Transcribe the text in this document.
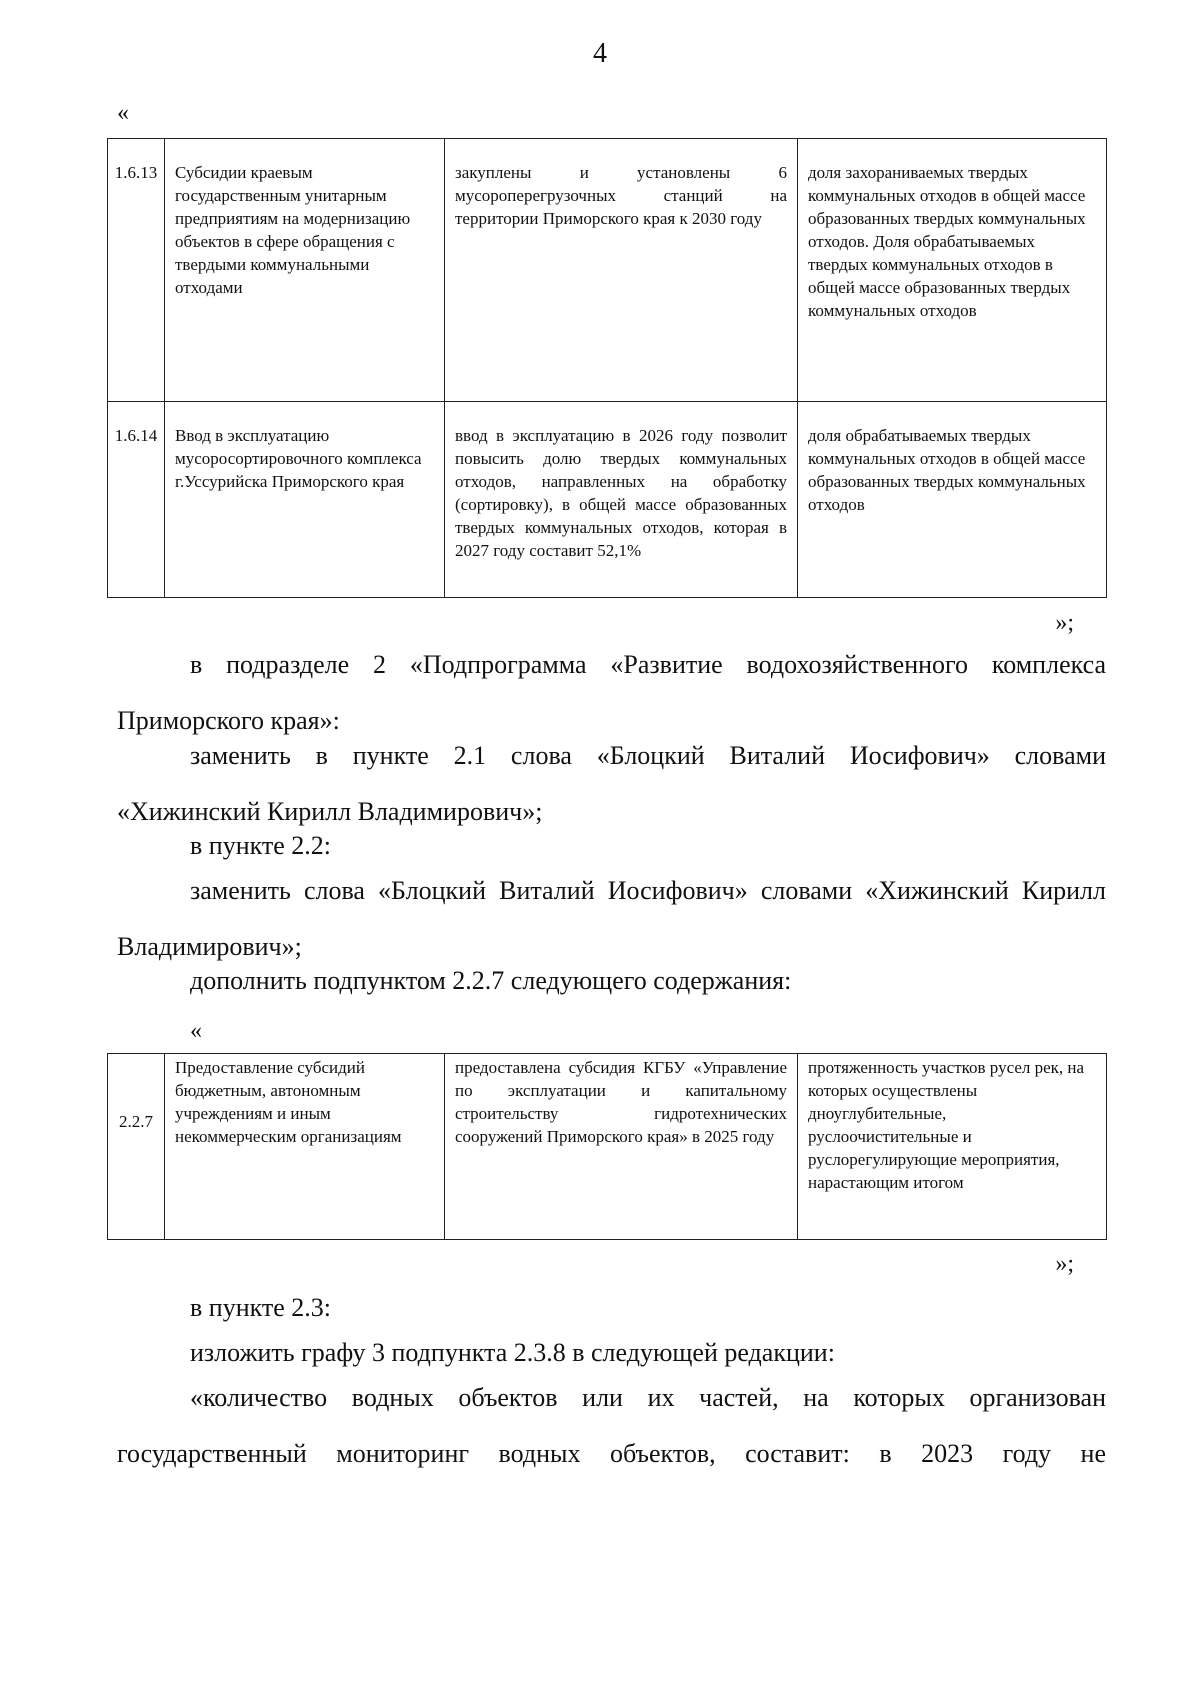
4
«
1.6.13	Субсидии краевым государственным унитарным предприятиям на модернизацию объектов в сфере обращения с твердыми коммунальными отходами	закуплены и установлены 6 мусороперегрузочных станций на территории Приморского края к 2030 году	доля захораниваемых твердых коммунальных отходов в общей массе образованных твердых коммунальных отходов. Доля обрабатываемых твердых коммунальных отходов в общей массе образованных твердых коммунальных отходов
1.6.14	Ввод в эксплуатацию мусоросортировочного комплекса г.Уссурийска Приморского края	ввод в эксплуатацию в 2026 году позволит повысить долю твердых коммунальных отходов, направленных на обработку (сортировку), в общей массе образованных твердых коммунальных отходов, которая в 2027 году составит 52,1%	доля обрабатываемых твердых коммунальных отходов в общей массе образованных твердых коммунальных отходов
»;
в подразделе 2 «Подпрограмма «Развитие водохозяйственного комплекса Приморского края»:
заменить в пункте 2.1 слова «Блоцкий Виталий Иосифович» словами «Хижинский Кирилл Владимирович»;
в пункте 2.2:
заменить слова «Блоцкий Виталий Иосифович» словами «Хижинский Кирилл Владимирович»;
дополнить подпунктом 2.2.7 следующего содержания:
«
2.2.7	Предоставление субсидий бюджетным, автономным учреждениям и иным некоммерческим организациям	предоставлена субсидия КГБУ «Управление по эксплуатации и капитальному строительству гидротехнических сооружений Приморского края» в 2025 году	протяженность участков русел рек, на которых осуществлены дноуглубительные, руслоочистительные и руслорегулирующие мероприятия, нарастающим итогом
»;
в пункте 2.3:
изложить графу 3 подпункта 2.3.8 в следующей редакции:
«количество водных объектов или их частей, на которых организован государственный мониторинг водных объектов, составит: в 2023 году не
